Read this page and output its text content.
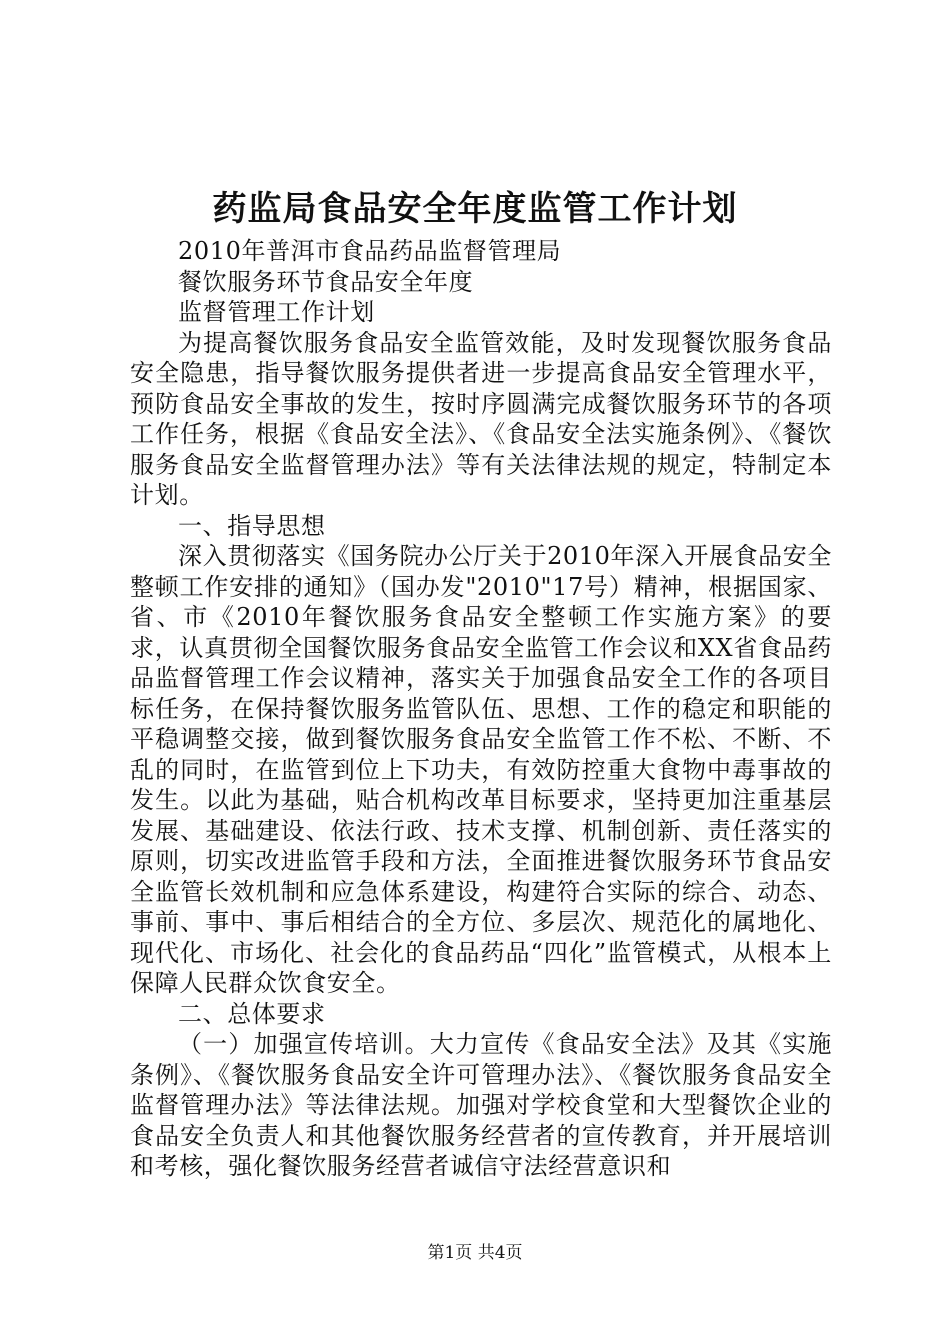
药监局食品安全年度监管工作计划

2010年普洱市食品药品监督管理局

餐饮服务环节食品安全年度

监督管理工作计划

为提高餐饮服务食品安全监管效能，及时发现餐饮服务食品安全隐患，指导餐饮服务提供者进一步提高食品安全管理水平，预防食品安全事故的发生，按时序圆满完成餐饮服务环节的各项工作任务，根据《食品安全法》、《食品安全法实施条例》、《餐饮服务食品安全监督管理办法》等有关法律法规的规定，特制定本计划。

一、指导思想

深入贯彻落实《国务院办公厅关于2010年深入开展食品安全整顿工作安排的通知》（国办发"2010"17号）精神，根据国家、省、市《2010年餐饮服务食品安全整顿工作实施方案》的要求，认真贯彻全国餐饮服务食品安全监管工作会议和XX省食品药品监督管理工作会议精神，落实关于加强食品安全工作的各项目标任务，在保持餐饮服务监管队伍、思想、工作的稳定和职能的平稳调整交接，做到餐饮服务食品安全监管工作不松、不断、不乱的同时，在监管到位上下功夫，有效防控重大食物中毒事故的发生。以此为基础，贴合机构改革目标要求，坚持更加注重基层发展、基础建设、依法行政、技术支撑、机制创新、责任落实的原则，切实改进监管手段和方法，全面推进餐饮服务环节食品安全监管长效机制和应急体系建设，构建符合实际的综合、动态、事前、事中、事后相结合的全方位、多层次、规范化的属地化、现代化、市场化、社会化的食品药品“四化”监管模式，从根本上保障人民群众饮食安全。

二、总体要求

（一）加强宣传培训。大力宣传《食品安全法》及其《实施条例》、《餐饮服务食品安全许可管理办法》、《餐饮服务食品安全监督管理办法》等法律法规。加强对学校食堂和大型餐饮企业的食品安全负责人和其他餐饮服务经营者的宣传教育，并开展培训和考核，强化餐饮服务经营者诚信守法经营意识和

第1页 共4页
